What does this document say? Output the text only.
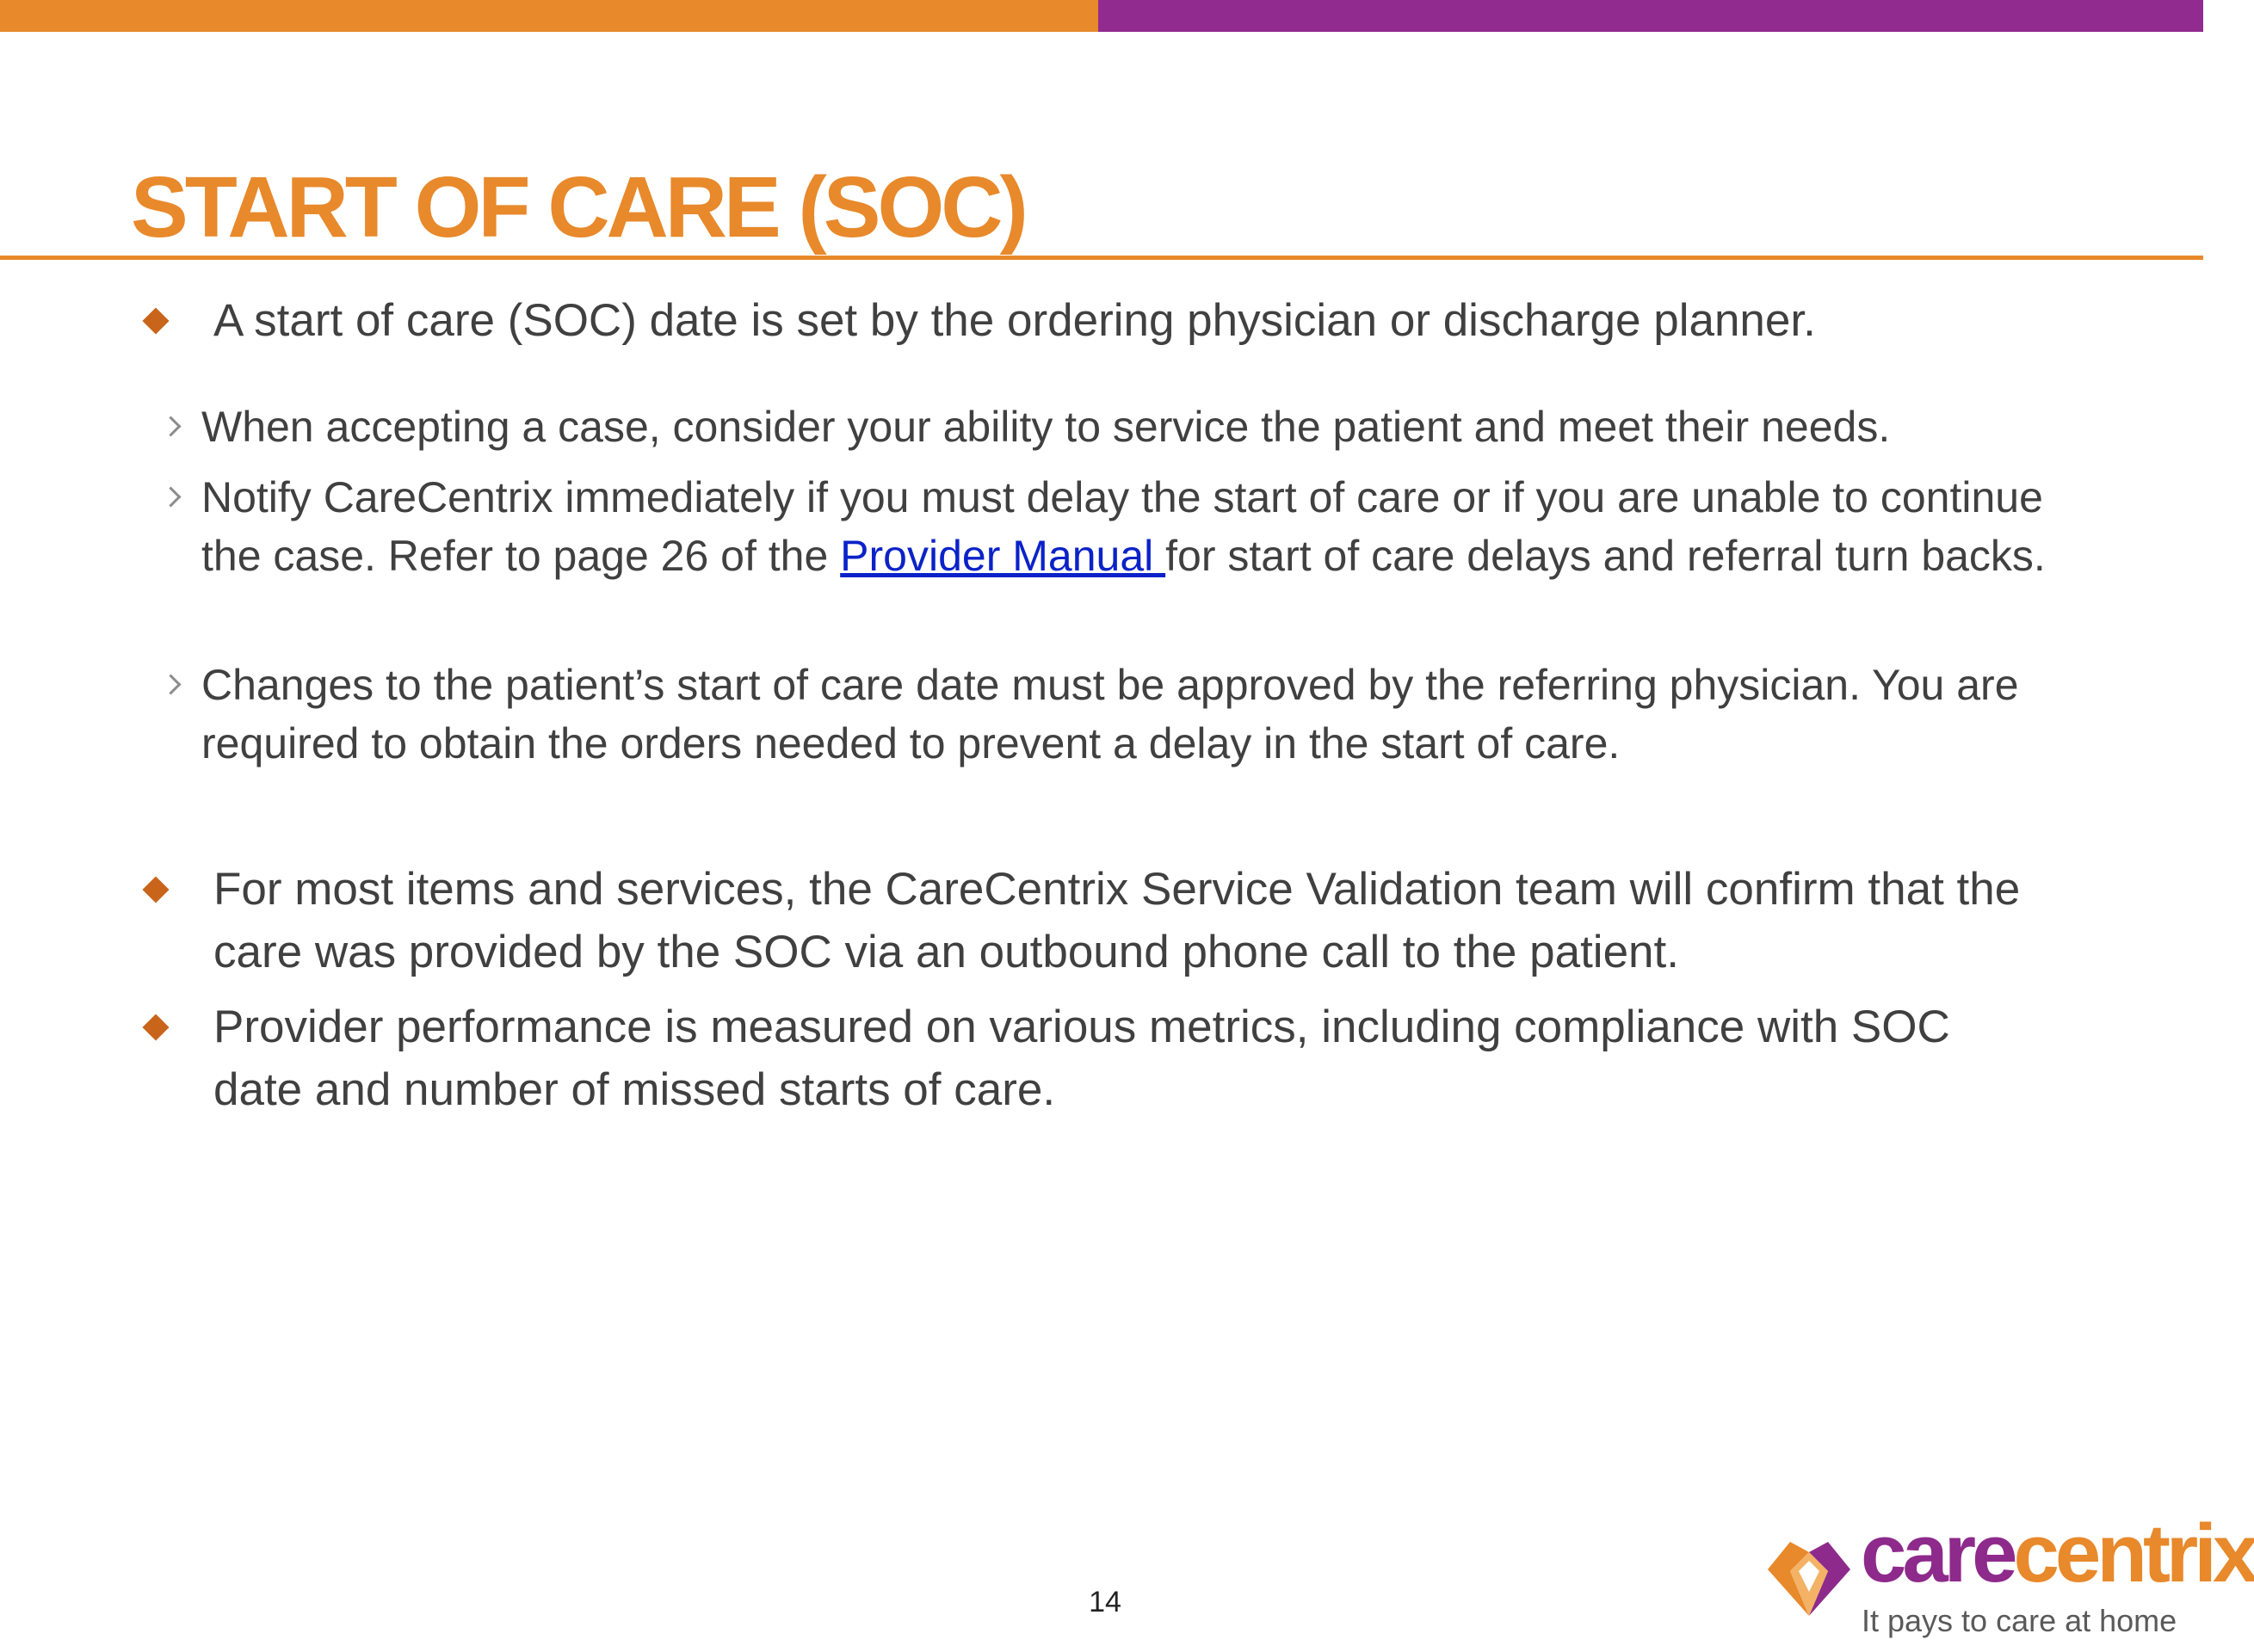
START OF CARE (SOC)
A start of care (SOC) date is set by the ordering physician or discharge planner.
When accepting a case, consider your ability to service the patient and meet their needs.
Notify CareCentrix immediately if you must delay the start of care or if you are unable to continue the case. Refer to page 26 of the Provider Manual for start of care delays and referral turn backs.
Changes to the patient’s start of care date must be approved by the referring physician. You are required to obtain the orders needed to prevent a delay in the start of care.
For most items and services, the CareCentrix Service Validation team will confirm that the care was provided by the SOC via an outbound phone call to the patient.
Provider performance is measured on various metrics, including compliance with SOC date and number of missed starts of care.
14
carecentrix
It pays to care at home
